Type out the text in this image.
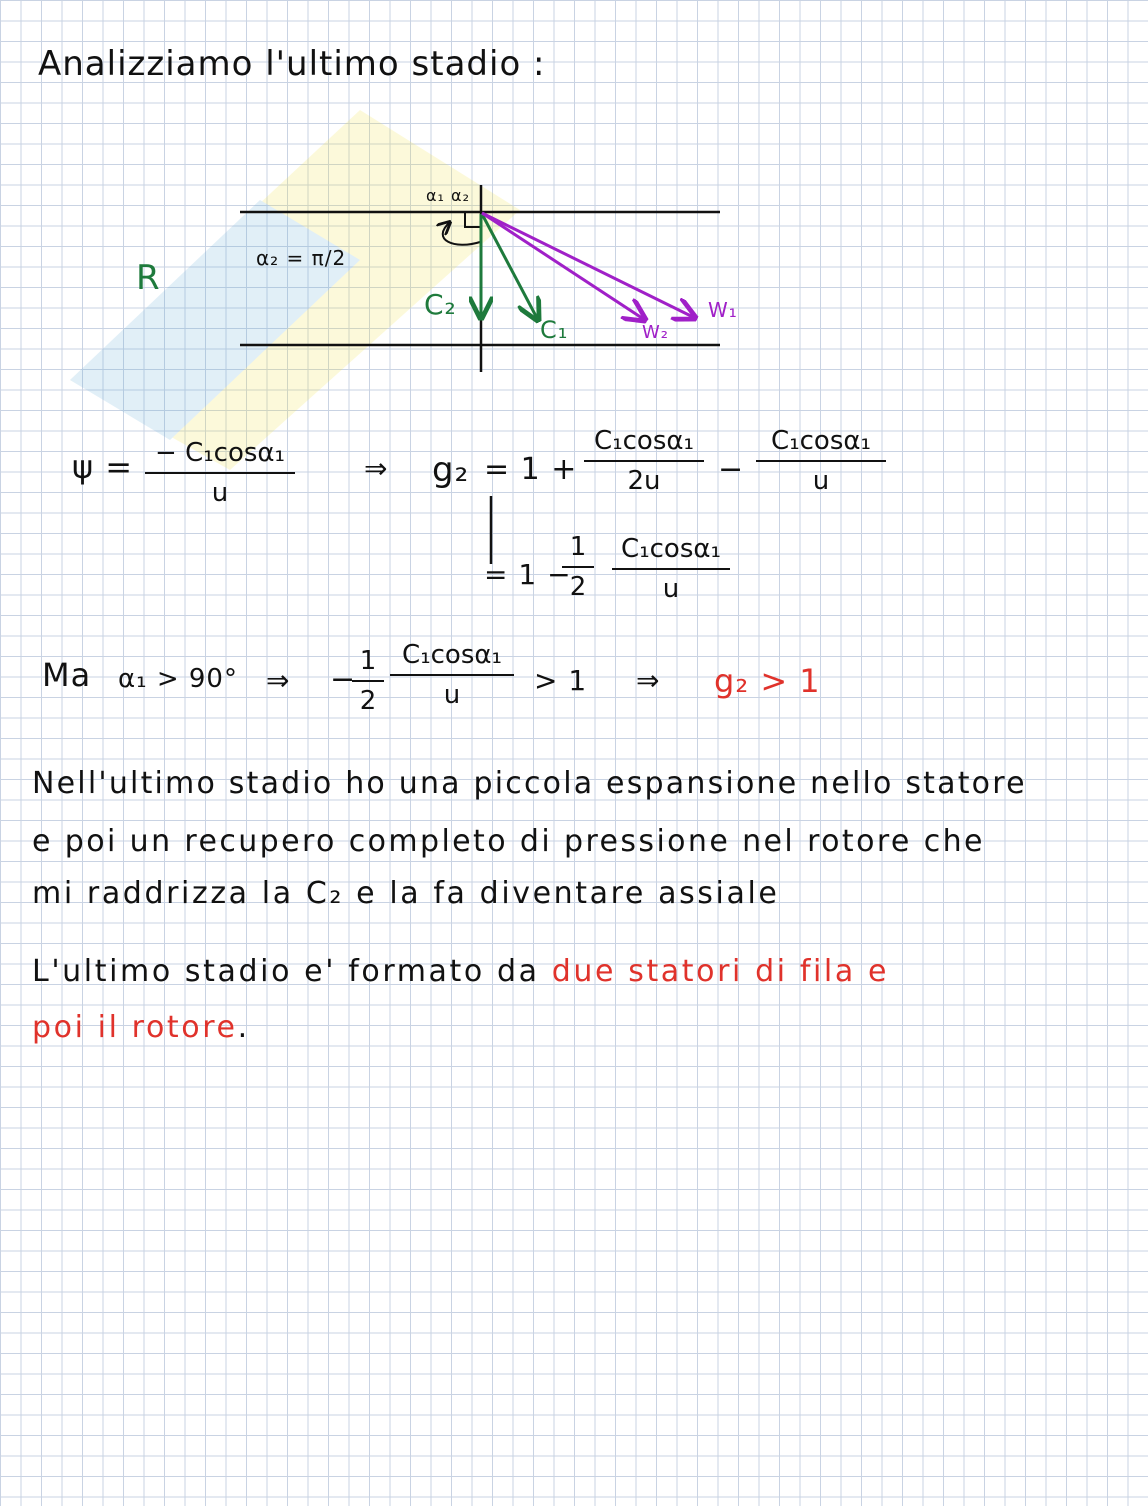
Analizziamo l'ultimo stadio :
α₁ α₂
α₂ = π/2
R
C₂
C₁
W₁
W₂
ψ = − C₁cosα₁
u
⇒ g₂ = 1 +
C₁cosα₁
2u	−
C₁cosα₁
u
= 1 −
1
2
C₁cosα₁
u
Ma α₁ > 90° ⇒ −
1
2
C₁cosα₁
u	> 1 ⇒ g₂ > 1
Nell'ultimo stadio ho una piccola espansione nello statore
e poi un recupero completo di pressione nel rotore che
mi raddrizza la C₂ e la fa diventare assiale
L'ultimo stadio e' formato da due statori di fila e
poi il rotore.
